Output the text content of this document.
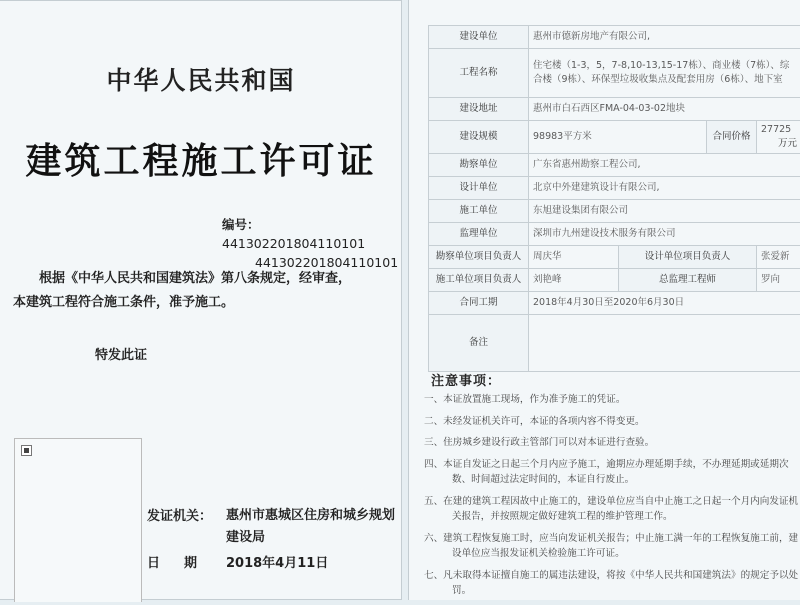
中华人民共和国
建筑工程施工许可证
编号：441302201804110101
441302201804110101
根据《中华人民共和国建筑法》第八条规定，经审查，
本建筑工程符合施工条件，准予施工。
特发此证
发证机关： 惠州市惠城区住房和城乡规划建设局
日 期 2018年4月11日
建设单位	惠州市德新房地产有限公司,			
工程名称	住宅楼（1-3，5，7-8,10-13,15-17栋）、商业楼（7栋）、综合楼（9栋）、环保型垃圾收集点及配套用房（6栋）、地下室			
建设地址	惠州市白石西区FMA-04-03-02地块			
建设规模	98983平方米		合同价格	27725
万元

勘察单位	广东省惠州勘察工程公司,			
设计单位	北京中外建建筑设计有限公司,			
施工单位	东旭建设集团有限公司			
监理单位	深圳市九州建设技术服务有限公司			
勘察单位项目负责人	周庆华	设计单位项目负责人		张爱新
施工单位项目负责人	刘艳峰	总监理工程师		罗向
合同工期	2018年4月30日至2020年6月30日			
备注				
注意事项：
一、本证放置施工现场，作为准予施工的凭证。
二、未经发证机关许可，本证的各项内容不得变更。
三、住房城乡建设行政主管部门可以对本证进行查验。
四、本证自发证之日起三个月内应予施工，逾期应办理延期手续，不办理延期或延期次数、时间超过法定时间的，本证自行废止。
五、在建的建筑工程因故中止施工的，建设单位应当自中止施工之日起一个月内向发证机关报告，并按照规定做好建筑工程的维护管理工作。
六、建筑工程恢复施工时，应当向发证机关报告；中止施工满一年的工程恢复施工前，建设单位应当报发证机关检验施工许可证。
七、凡未取得本证擅自施工的属违法建设，将按《中华人民共和国建筑法》的规定予以处罚。
